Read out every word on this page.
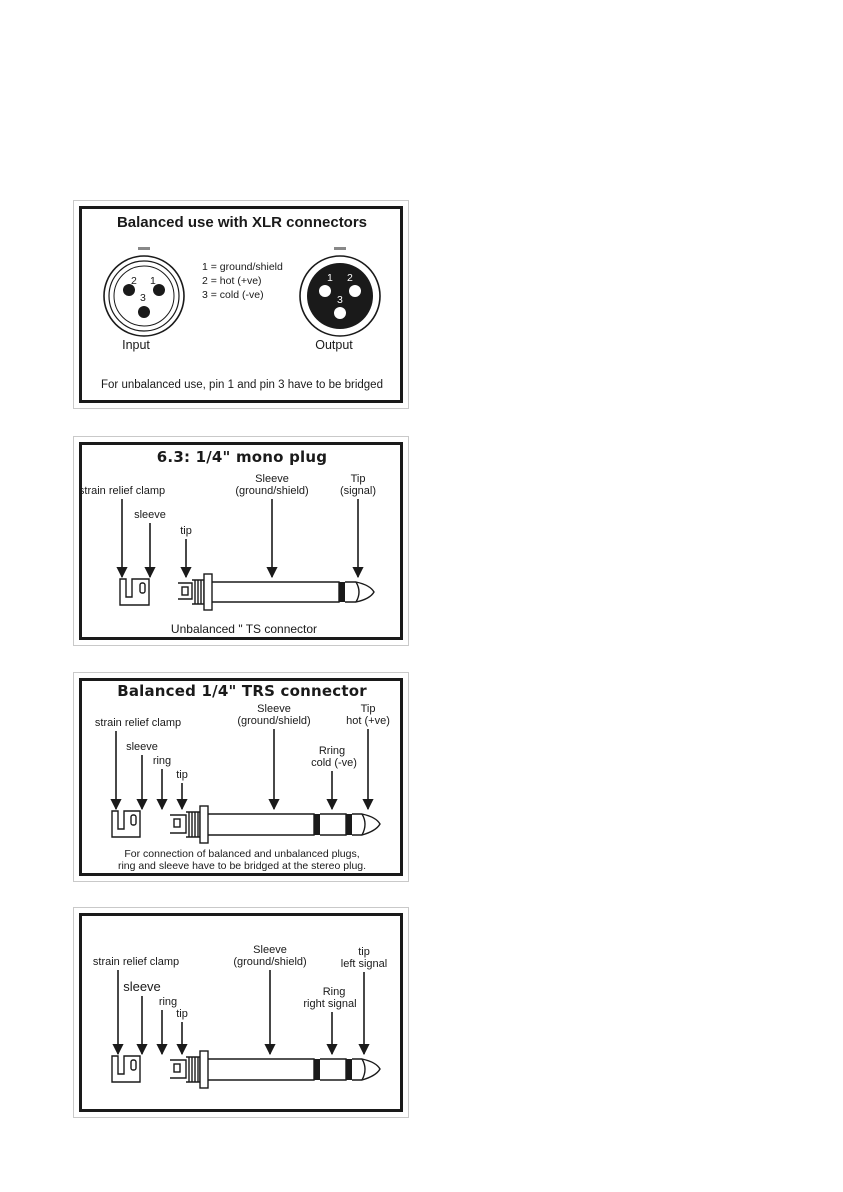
Balanced use with XLR connectors
2 1
3
1 2
3
1 = ground/shield
2 = hot (+ve)
3 = cold (-ve)
Input	Output
For unbalanced use, pin 1 and pin 3 have to be bridged
6.3: 1/4" mono plug
strain relief clamp
sleeve
tip
Sleeve
(ground/shield)
Tip
(signal)
Unbalanced " TS connector
Balanced 1/4" TRS connector
Sleeve
(ground/shield)
Tip
hot (+ve)
strain relief clamp
Rring
cold (-ve)
sleeve
ring
tip
For connection of balanced and unbalanced plugs,
ring and sleeve have to be bridged at the stereo plug.
Sleeve
(ground/shield)
tip
left signal
strain relief clamp
Ring
right signal
sleeve
ring
tip
